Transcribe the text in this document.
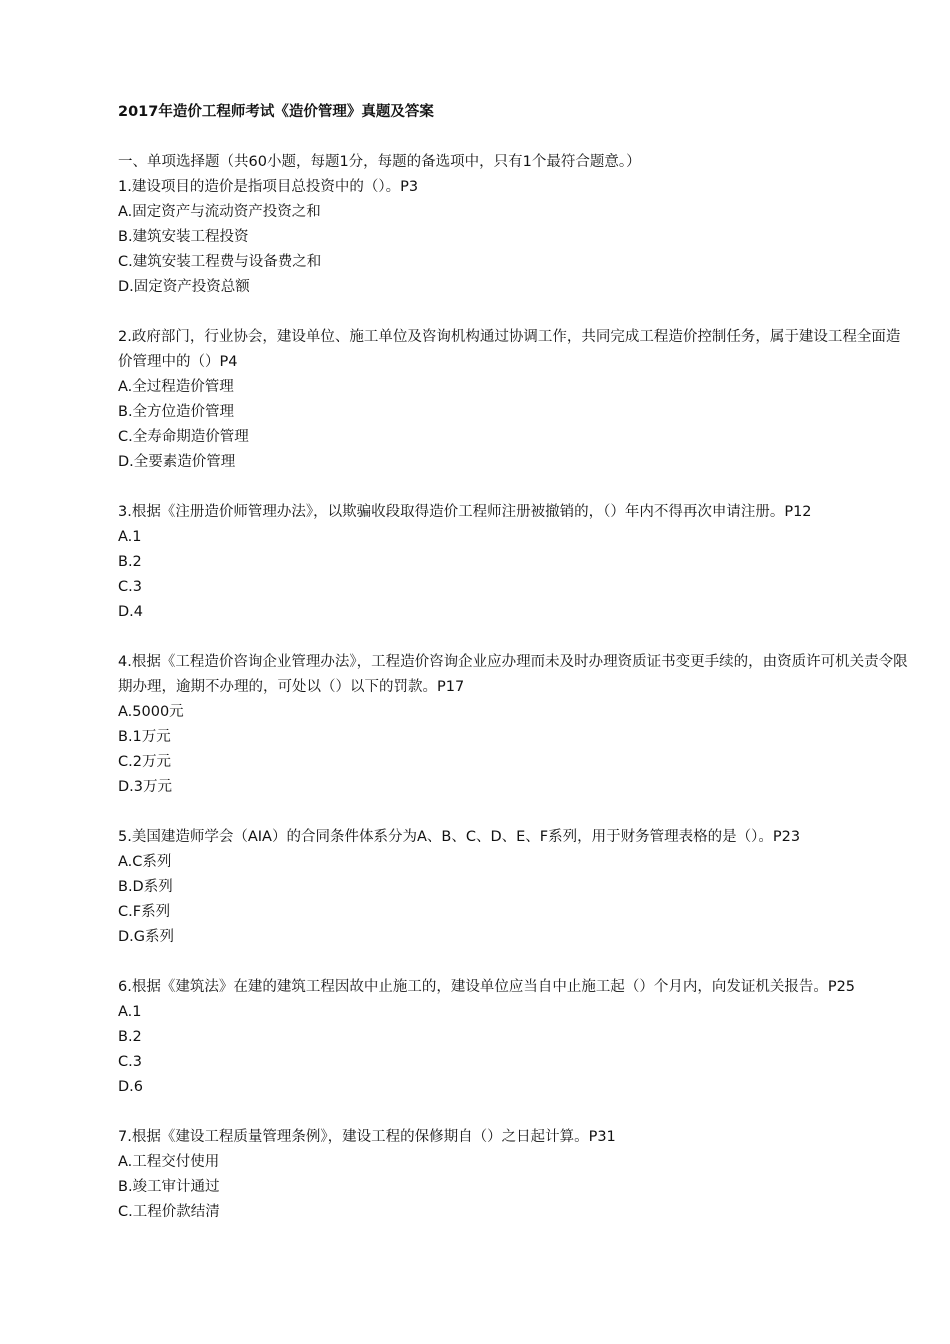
2017年造价工程师考试《造价管理》真题及答案
一、单项选择题（共60小题，每题1分，每题的备选项中，只有1个最符合题意。）
1.建设项目的造价是指项目总投资中的（）。P3
A.固定资产与流动资产投资之和
B.建筑安装工程投资
C.建筑安装工程费与设备费之和
D.固定资产投资总额
2.政府部门，行业协会，建设单位、施工单位及咨询机构通过协调工作，共同完成工程造价控制任务，属于建设工程全面造价管理中的（）P4
A.全过程造价管理
B.全方位造价管理
C.全寿命期造价管理
D.全要素造价管理
3.根据《注册造价师管理办法》，以欺骗收段取得造价工程师注册被撤销的，（）年内不得再次申请注册。P12
A.1
B.2
C.3
D.4
4.根据《工程造价咨询企业管理办法》，工程造价咨询企业应办理而未及时办理资质证书变更手续的，由资质许可机关责令限期办理，逾期不办理的，可处以（）以下的罚款。P17
A.5000元
B.1万元
C.2万元
D.3万元
5.美国建造师学会（AIA）的合同条件体系分为A、B、C、D、E、F系列，用于财务管理表格的是（）。P23
A.C系列
B.D系列
C.F系列
D.G系列
6.根据《建筑法》在建的建筑工程因故中止施工的，建设单位应当自中止施工起（）个月内，向发证机关报告。P25
A.1
B.2
C.3
D.6
7.根据《建设工程质量管理条例》，建设工程的保修期自（）之日起计算。P31
A.工程交付使用
B.竣工审计通过
C.工程价款结清
